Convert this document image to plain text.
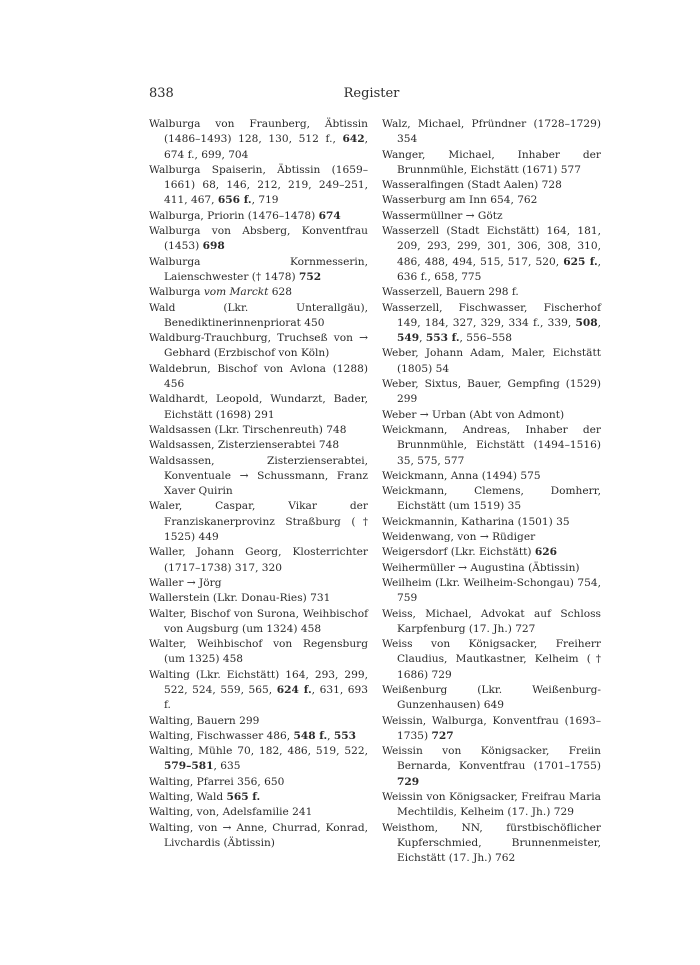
838	Register

Walburga von Fraunberg, Äbtissin (1486–1493) 128, 130, 512 f., 642, 674 f., 699, 704

Walburga Spaiserin, Äbtissin (1659–1661) 68, 146, 212, 219, 249–251, 411, 467, 656 f., 719

Walburga, Priorin (1476–1478) 674

Walburga von Absberg, Konventfrau (1453) 698

Walburga Kornmesserin, Laienschwester († 1478) 752

Walburga vom Marckt 628

Wald (Lkr. Unterallgäu), Benediktinerinnenpriorat 450

Waldburg-Trauchburg, Truchseß von → Gebhard (Erzbischof von Köln)

Waldebrun, Bischof von Avlona (1288) 456

Waldhardt, Leopold, Wundarzt, Bader, Eichstätt (1698) 291

Waldsassen (Lkr. Tirschenreuth) 748

Waldsassen, Zisterzienserabtei 748

Waldsassen, Zisterzienserabtei, Konventuale → Schussmann, Franz Xaver Quirin

Waler, Caspar, Vikar der Franziskanerprovinz Straßburg († 1525) 449

Waller, Johann Georg, Klosterrichter (1717–1738) 317, 320

Waller → Jörg

Wallerstein (Lkr. Donau-Ries) 731

Walter, Bischof von Surona, Weihbischof von Augsburg (um 1324) 458

Walter, Weihbischof von Regensburg (um 1325) 458

Walting (Lkr. Eichstätt) 164, 293, 299, 522, 524, 559, 565, 624 f., 631, 693 f.

Walting, Bauern 299

Walting, Fischwasser 486, 548 f., 553

Walting, Mühle 70, 182, 486, 519, 522, 579–581, 635

Walting, Pfarrei 356, 650

Walting, Wald 565 f.

Walting, von, Adelsfamilie 241

Walting, von → Anne, Churrad, Konrad, Livchardis (Äbtissin)

Walz, Michael, Pfründner (1728–1729) 354

Wanger, Michael, Inhaber der Brunnmühle, Eichstätt (1671) 577

Wasseralfingen (Stadt Aalen) 728

Wasserburg am Inn 654, 762

Wassermüllner → Götz

Wasserzell (Stadt Eichstätt) 164, 181, 209, 293, 299, 301, 306, 308, 310, 486, 488, 494, 515, 517, 520, 625 f., 636 f., 658, 775

Wasserzell, Bauern 298 f.

Wasserzell, Fischwasser, Fischerhof 149, 184, 327, 329, 334 f., 339, 508, 549, 553 f., 556–558

Weber, Johann Adam, Maler, Eichstätt (1805) 54

Weber, Sixtus, Bauer, Gempfing (1529) 299

Weber → Urban (Abt von Admont)

Weickmann, Andreas, Inhaber der Brunnmühle, Eichstätt (1494–1516) 35, 575, 577

Weickmann, Anna (1494) 575

Weickmann, Clemens, Domherr, Eichstätt (um 1519) 35

Weickmannin, Katharina (1501) 35

Weidenwang, von → Rüdiger

Weigersdorf (Lkr. Eichstätt) 626

Weihermüller → Augustina (Äbtissin)

Weilheim (Lkr. Weilheim-Schongau) 754, 759

Weiss, Michael, Advokat auf Schloss Karpfenburg (17. Jh.) 727

Weiss von Königsacker, Freiherr Claudius, Mautkastner, Kelheim († 1686) 729

Weißenburg (Lkr. Weißenburg-Gunzenhausen) 649

Weissin, Walburga, Konventfrau (1693–1735) 727

Weissin von Königsacker, Freiin Bernarda, Konventfrau (1701–1755) 729

Weissin von Königsacker, Freifrau Maria Mechtildis, Kelheim (17. Jh.) 729

Weisthom, NN, fürstbischöflicher Kupferschmied, Brunnenmeister, Eichstätt (17. Jh.) 762
